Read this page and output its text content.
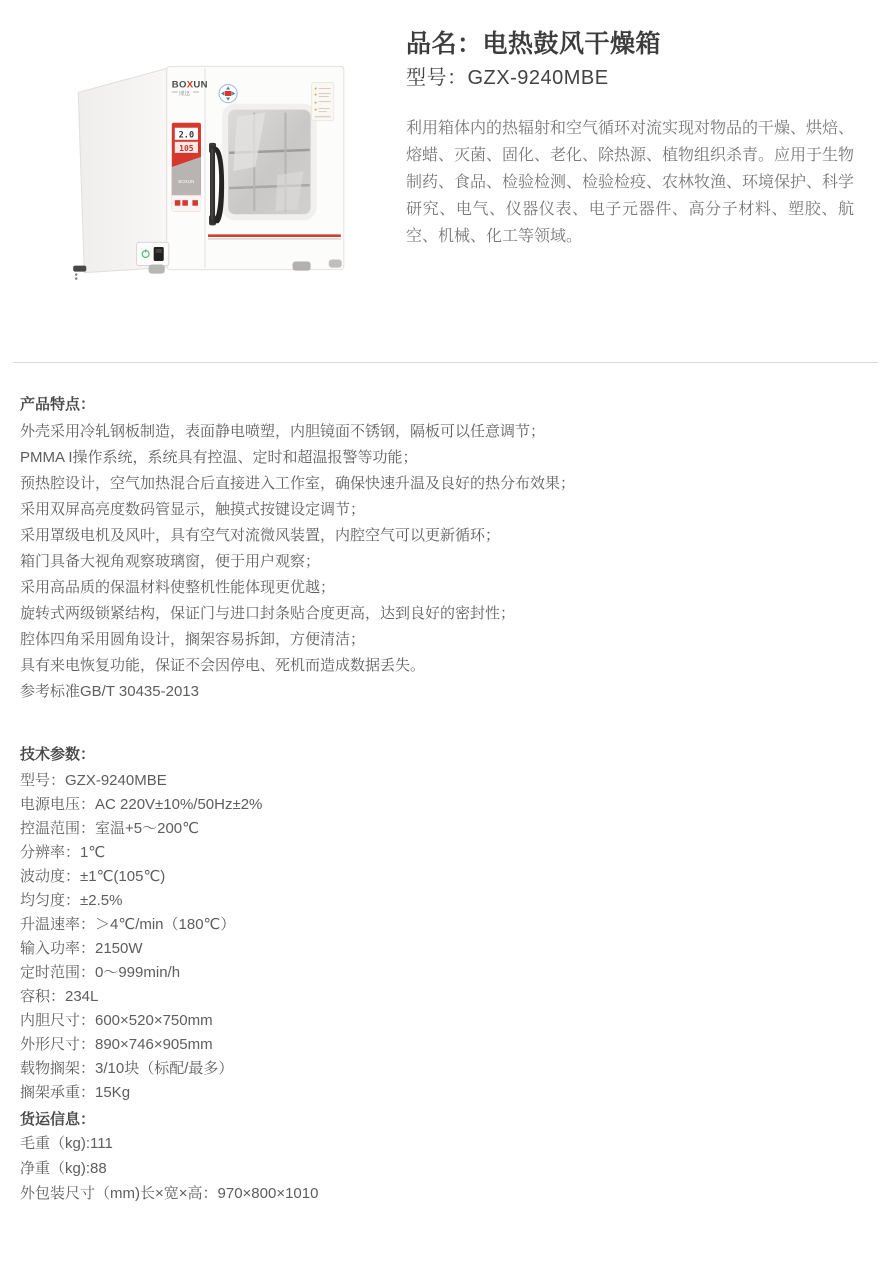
BOXUN
博迅
2.0
105
BOXUN
品名：电热鼓风干燥箱
型号：GZX-9240MBE

利用箱体内的热辐射和空气循环对流实现对物品的干燥、烘焙、熔蜡、灭菌、固化、老化、除热源、植物组织杀青。应用于生物制药、食品、检验检测、检验检疫、农林牧渔、环境保护、科学研究、电气、仪器仪表、电子元器件、高分子材料、塑胶、航空、机械、化工等领域。

产品特点：

外壳采用冷轧钢板制造，表面静电喷塑，内胆镜面不锈钢，隔板可以任意调节；

PMMA I操作系统，系统具有控温、定时和超温报警等功能；

预热腔设计，空气加热混合后直接进入工作室，确保快速升温及良好的热分布效果；

采用双屏高亮度数码管显示，触摸式按键设定调节；

采用罩级电机及风叶，具有空气对流微风装置，内腔空气可以更新循环；

箱门具备大视角观察玻璃窗，便于用户观察；

采用高品质的保温材料使整机性能体现更优越；

旋转式两级锁紧结构，保证门与进口封条贴合度更高，达到良好的密封性；

腔体四角采用圆角设计，搁架容易拆卸，方便清洁；

具有来电恢复功能，保证不会因停电、死机而造成数据丢失。

参考标准GB/T 30435-2013

技术参数：

型号：GZX-9240MBE

电源电压：AC 220V±10%/50Hz±2%

控温范围：室温+5～200℃

分辨率：1℃

波动度：±1℃(105℃)

均匀度：±2.5%

升温速率：＞4℃/min（180℃）

输入功率：2150W

定时范围：0～999min/h

容积：234L

内胆尺寸：600×520×750mm

外形尺寸：890×746×905mm

载物搁架：3/10块（标配/最多）

搁架承重：15Kg

货运信息：

毛重（kg):111

净重（kg):88

外包装尺寸（mm)长×宽×高：970×800×1010
